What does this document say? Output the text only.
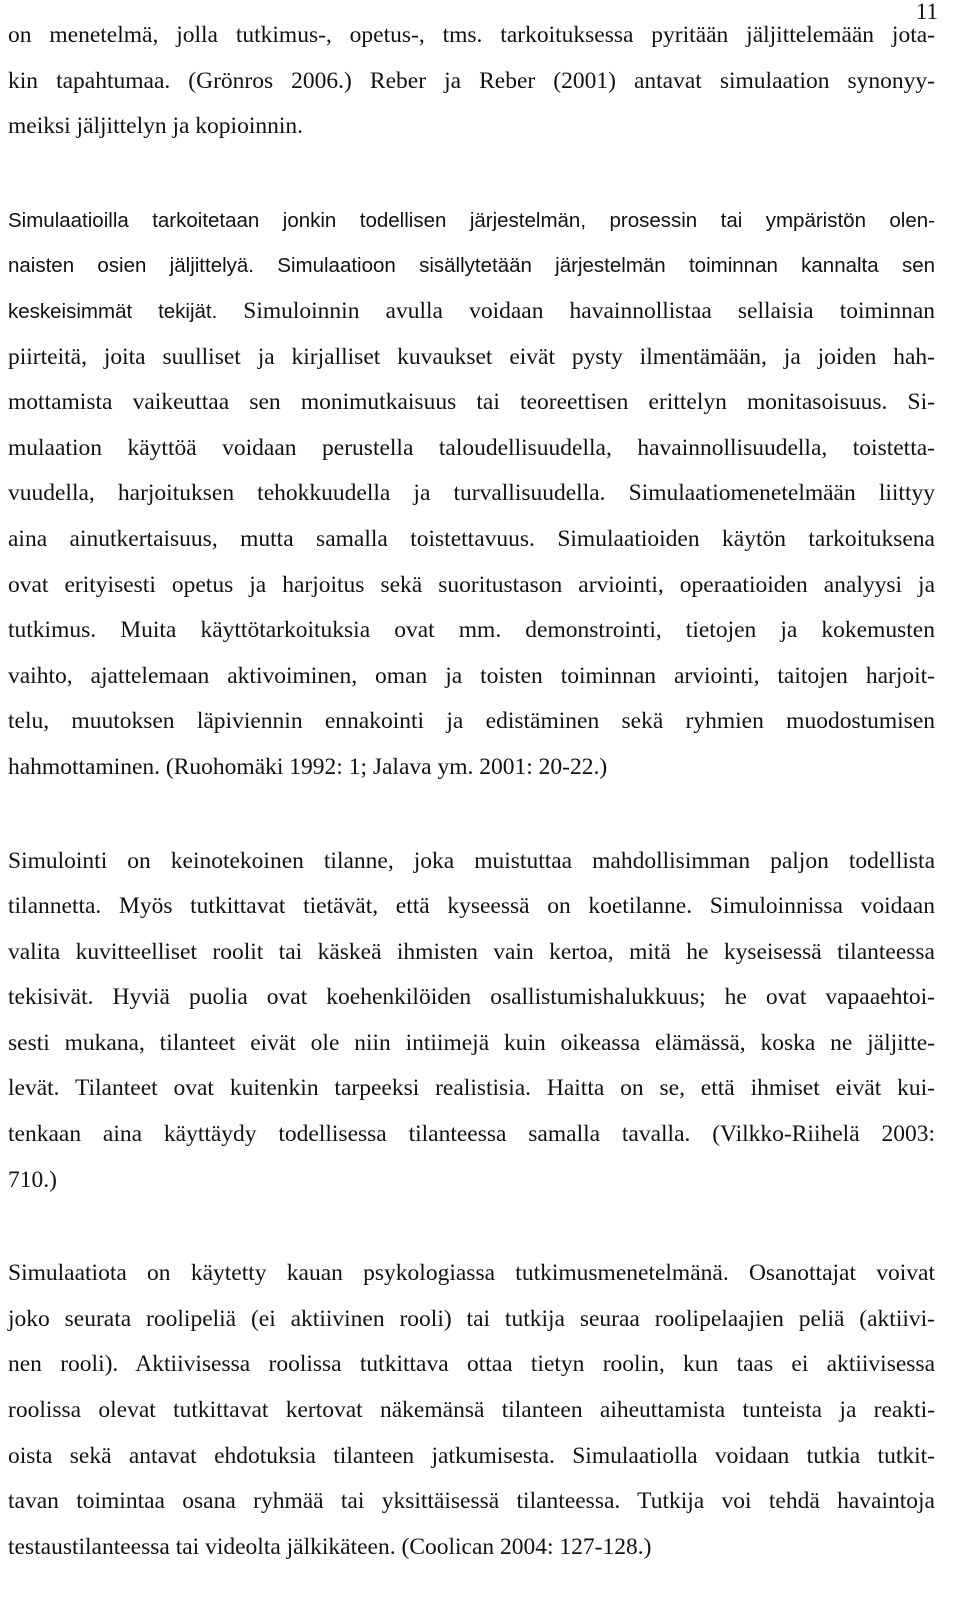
11
on menetelmä, jolla tutkimus-, opetus-, tms. tarkoituksessa pyritään jäljittelemään jota-
kin tapahtumaa. (Grönros 2006.) Reber ja Reber (2001) antavat simulaation synonyy-
meiksi jäljittelyn ja kopioinnin.
Simulaatioilla tarkoitetaan jonkin todellisen järjestelmän, prosessin tai ympäristön olen-
naisten osien jäljittelyä. Simulaatioon sisällytetään järjestelmän toiminnan kannalta sen
keskeisimmät tekijät. Simuloinnin avulla voidaan havainnollistaa sellaisia toiminnan
piirteitä, joita suulliset ja kirjalliset kuvaukset eivät pysty ilmentämään, ja joiden hah-
mottamista vaikeuttaa sen monimutkaisuus tai teoreettisen erittelyn monitasoisuus. Si-
mulaation käyttöä voidaan perustella taloudellisuudella, havainnollisuudella, toistetta-
vuudella, harjoituksen tehokkuudella ja turvallisuudella. Simulaatiomenetelmään liittyy
aina ainutkertaisuus, mutta samalla toistettavuus. Simulaatioiden käytön tarkoituksena
ovat erityisesti opetus ja harjoitus sekä suoritustason arviointi, operaatioiden analyysi ja
tutkimus. Muita käyttötarkoituksia ovat mm. demonstrointi, tietojen ja kokemusten
vaihto, ajattelemaan aktivoiminen, oman ja toisten toiminnan arviointi, taitojen harjoit-
telu, muutoksen läpiviennin ennakointi ja edistäminen sekä ryhmien muodostumisen
hahmottaminen. (Ruohomäki 1992: 1; Jalava ym. 2001: 20-22.)
Simulointi on keinotekoinen tilanne, joka muistuttaa mahdollisimman paljon todellista
tilannetta. Myös tutkittavat tietävät, että kyseessä on koetilanne. Simuloinnissa voidaan
valita kuvitteelliset roolit tai käskeä ihmisten vain kertoa, mitä he kyseisessä tilanteessa
tekisivät. Hyviä puolia ovat koehenkilöiden osallistumishalukkuus; he ovat vapaaehtoi-
sesti mukana, tilanteet eivät ole niin intiimejä kuin oikeassa elämässä, koska ne jäljitte-
levät. Tilanteet ovat kuitenkin tarpeeksi realistisia. Haitta on se, että ihmiset eivät kui-
tenkaan aina käyttäydy todellisessa tilanteessa samalla tavalla. (Vilkko-Riihelä 2003:
710.)
Simulaatiota on käytetty kauan psykologiassa tutkimusmenetelmänä. Osanottajat voivat
joko seurata roolipeliä (ei aktiivinen rooli) tai tutkija seuraa roolipelaajien peliä (aktiivi-
nen rooli). Aktiivisessa roolissa tutkittava ottaa tietyn roolin, kun taas ei aktiivisessa
roolissa olevat tutkittavat kertovat näkemänsä tilanteen aiheuttamista tunteista ja reakti-
oista sekä antavat ehdotuksia tilanteen jatkumisesta. Simulaatiolla voidaan tutkia tutkit-
tavan toimintaa osana ryhmää tai yksittäisessä tilanteessa. Tutkija voi tehdä havaintoja
testaustilanteessa tai videolta jälkikäteen. (Coolican 2004: 127-128.)
